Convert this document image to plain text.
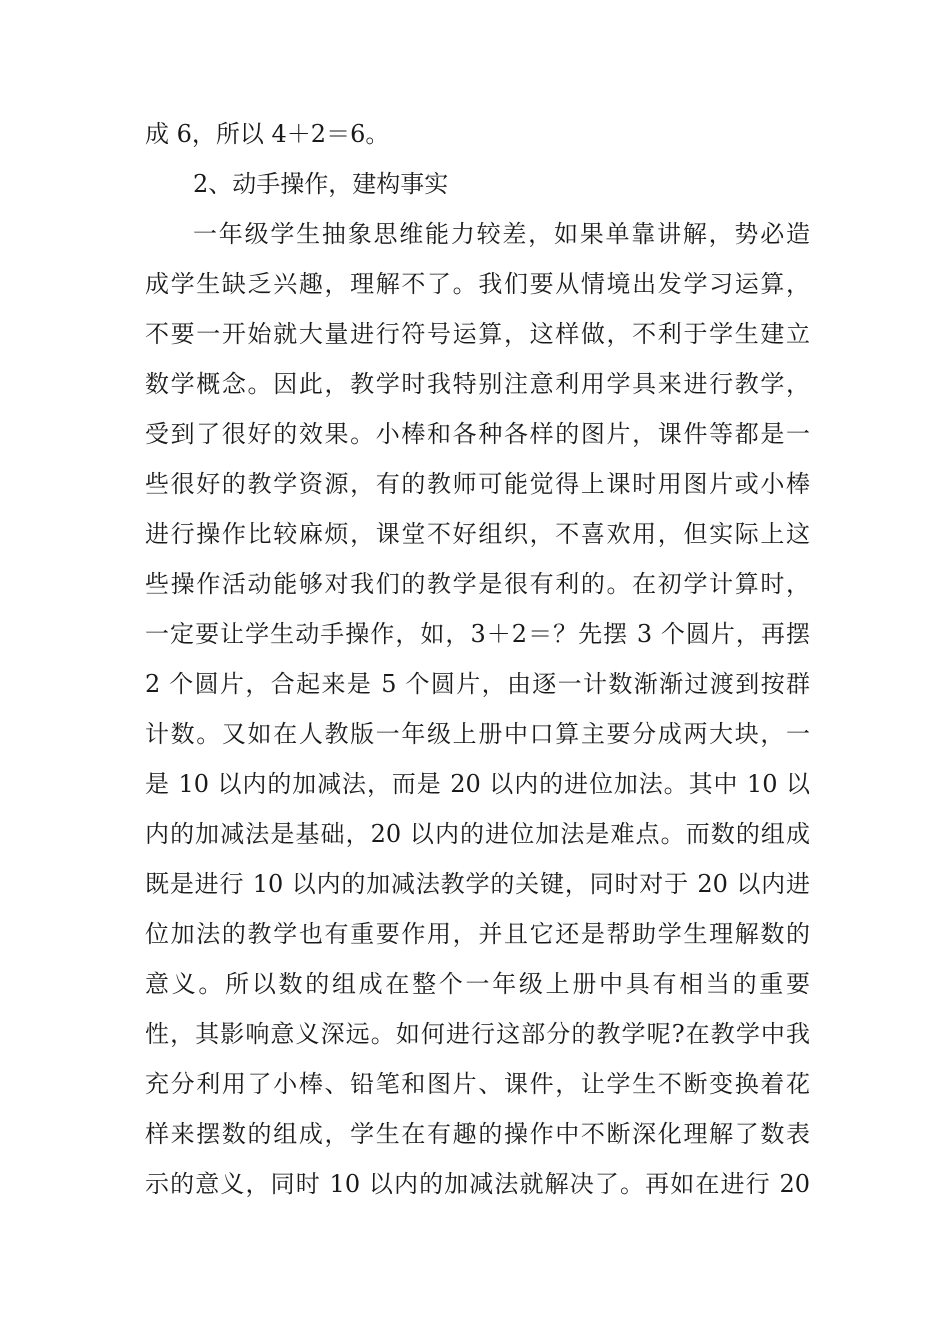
成 6，所以 4＋2＝6。
2、动手操作，建构事实
一年级学生抽象思维能力较差，如果单靠讲解，势必造
成学生缺乏兴趣，理解不了。我们要从情境出发学习运算，
不要一开始就大量进行符号运算，这样做，不利于学生建立
数学概念。因此，教学时我特别注意利用学具来进行教学，
受到了很好的效果。小棒和各种各样的图片，课件等都是一
些很好的教学资源，有的教师可能觉得上课时用图片或小棒
进行操作比较麻烦，课堂不好组织，不喜欢用，但实际上这
些操作活动能够对我们的教学是很有利的。在初学计算时，
一定要让学生动手操作，如，3＋2＝？先摆 3 个圆片，再摆
2 个圆片，合起来是 5 个圆片，由逐一计数渐渐过渡到按群
计数。又如在人教版一年级上册中口算主要分成两大块，一
是 10 以内的加减法，而是 20 以内的进位加法。其中 10 以
内的加减法是基础，20 以内的进位加法是难点。而数的组成
既是进行 10 以内的加减法教学的关键，同时对于 20 以内进
位加法的教学也有重要作用，并且它还是帮助学生理解数的
意义。所以数的组成在整个一年级上册中具有相当的重要
性，其影响意义深远。如何进行这部分的教学呢?在教学中我
充分利用了小棒、铅笔和图片、课件，让学生不断变换着花
样来摆数的组成，学生在有趣的操作中不断深化理解了数表
示的意义，同时 10 以内的加减法就解决了。再如在进行 20
